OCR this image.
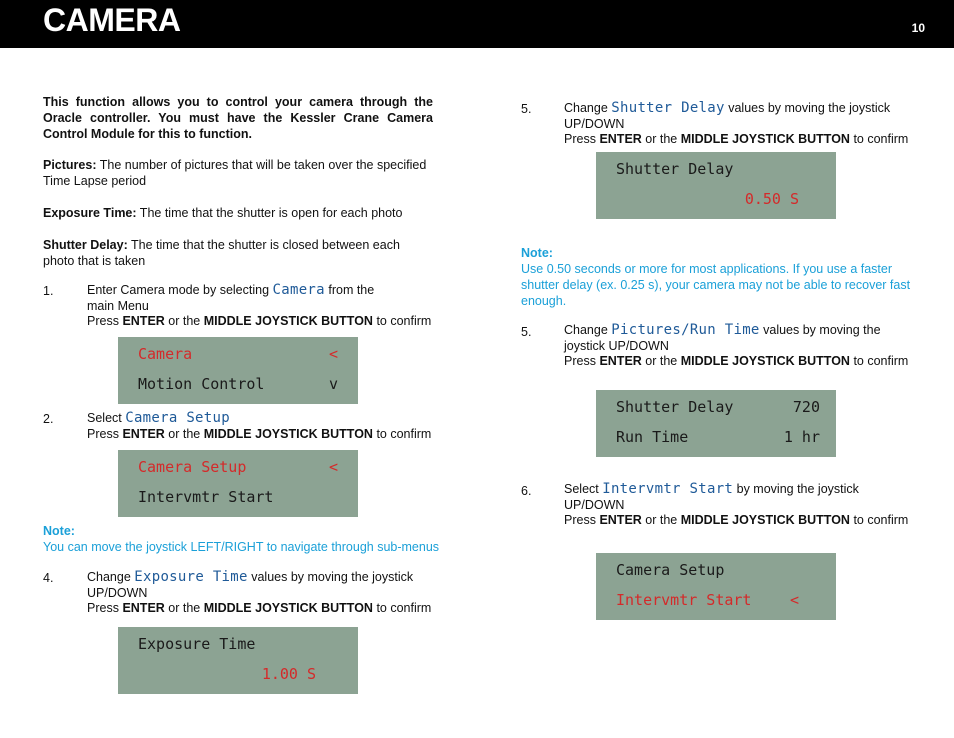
CAMERA	10
This function allows you to control your camera through the Oracle controller. You must have the Kessler Crane Camera Control Module for this to function.
Pictures: The number of pictures that will be taken over the specified Time Lapse period
Exposure Time: The time that the shutter is open for each photo
Shutter Delay: The time that the shutter is closed between each photo that is taken
1.	Enter Camera mode by selecting Camera from the
main Menu
Press ENTER or the MIDDLE JOYSTICK BUTTON to confirm
Camera	<
Motion Control	v
2.	Select Camera Setup
Press ENTER or the MIDDLE JOYSTICK BUTTON to confirm
Camera Setup	<
Intervmtr Start
Note:
You can move the joystick LEFT/RIGHT to navigate through sub-menus
4.	Change Exposure Time values by moving the joystick
UP/DOWN
Press ENTER or the MIDDLE JOYSTICK BUTTON to confirm
Exposure Time
1.00 S
5.	Change Shutter Delay values by moving the joystick
UP/DOWN
Press ENTER or the MIDDLE JOYSTICK BUTTON to confirm
Shutter Delay
0.50 S
Note:
Use 0.50 seconds or more for most applications. If you use a faster
shutter delay (ex. 0.25 s), your camera may not be able to recover fast
enough.
5.	Change Pictures/Run Time values by moving the
joystick UP/DOWN
Press ENTER or the MIDDLE JOYSTICK BUTTON to confirm
Shutter Delay	720
Run Time	1 hr
6.	Select Intervmtr Start by moving the joystick
UP/DOWN
Press ENTER or the MIDDLE JOYSTICK BUTTON to confirm
Camera Setup
Intervmtr Start	<
